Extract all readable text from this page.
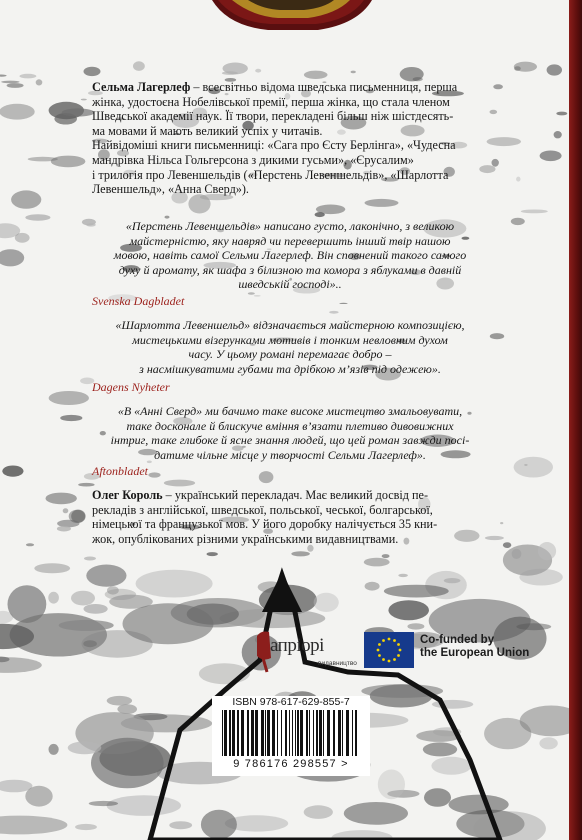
Сельма Лагерлеф – всесвітньо відома шведська письменниця, перша

жінка, удостоєна Нобелівської премії, перша жінка, що стала членом

Шведської академії наук. Її твори, перекладені більш ніж шістдесять-

ма мовами й мають великий успіх у читачів.

Найвідоміші книги письменниці: «Сага про Єсту Берлінга», «Чудесна

мандрівка Нільса Гольгерсона з дикими гусьми», «Єрусалим»

і трилогія про Левеншельдів («Перстень Левеншельдів», «Шарлотта

Левеншельд», «Анна Сверд»).

«Перстень Левеншельдів» написано густо, лаконічно, з великою
майстерністю, яку навряд чи перевершить інший твір нашою
мовою, навіть самої Сельми Лагерлеф. Він сповнений такого самого
духу й аромату, як шафа з білизною та комора з яблуками в давній
шведській господі»..
Svenska Dagbladet
«Шарлотта Левеншельд» відзначається майстерною композицією,
мистецькими візерунками мотивів і тонким невловним духом
часу. У цьому романі перемагає добро –
з насмішкуватими губами та дрібкою м’язів під одежею».
Dagens Nyheter
«В «Анні Сверд» ми бачимо таке високе мистецтво змальовувати,
таке досконале й блискуче вміння в’язати плетиво дивовижних
інтриг, таке глибоке й ясне знання людей, що цей роман завжди посі-
датиме чільне місце у творчості Сельми Лагерлеф».
Aftonbladet

Олег Король – український перекладач. Має великий досвід пе-

рекладів з англійської, шведської, польської, чеської, болгарської,

німецької та французької мов. У його доробку налічується 35 кни-

жок, опублікованих різними українськими видавництвами.

апріорі
видавництво
Co-funded by
the European Union
ISBN 978-617-629-855-7
9 786176 298557 >
